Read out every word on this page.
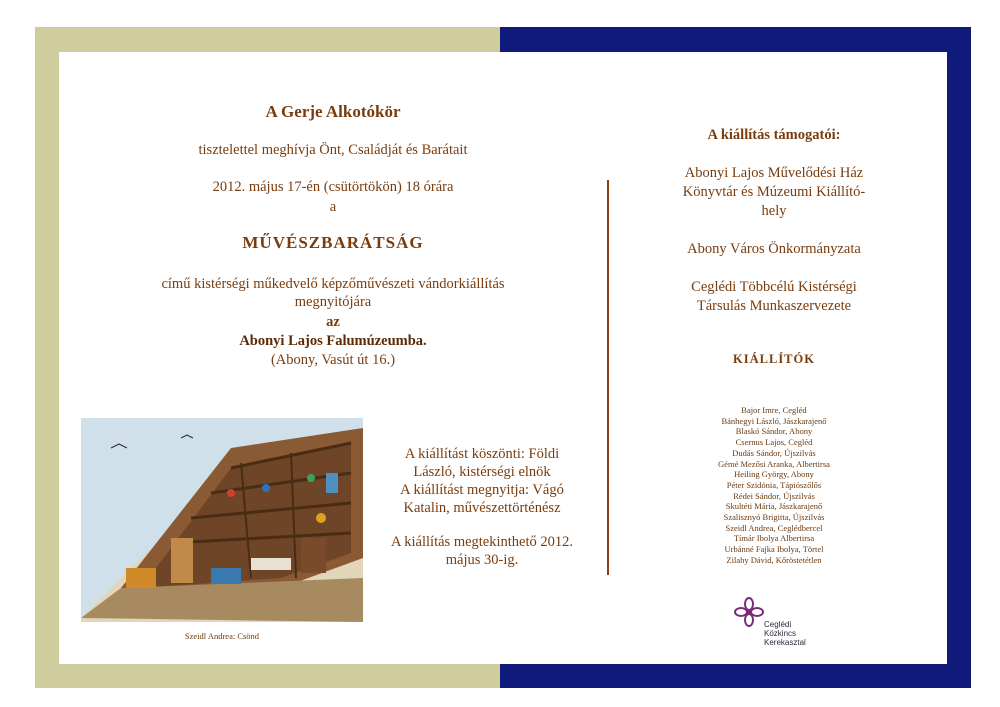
A Gerje Alkotókör
tisztelettel meghívja Önt, Családját és Barátait
2012. május 17-én (csütörtökön) 18 órára
a
MŰVÉSZBARÁTSÁG
című kistérségi műkedvelő képzőművészeti vándorkiállítás
megnyitójára
az
Abonyi Lajos Falumúzeumba.
(Abony, Vasút út 16.)
Szeidl Andrea: Csönd

A kiállítást köszönti: Földi
László, kistérségi elnök
A kiállítást megnyitja: Vágó
Katalin, művészettörténész

A kiállítás megtekinthető 2012.
május 30-ig.

A kiállítás támogatói:
Abonyi Lajos Művelődési Ház
Könyvtár és Múzeumi Kiállító-
hely
Abony Város Önkormányzata
Ceglédi Többcélú Kistérségi
Társulás Munkaszervezete
KIÁLLÍTÓK
Bajor Imre, Cegléd
Bánhegyi László, Jászkarajenő
Blaskó Sándor, Abony
Csernus Lajos, Cegléd
Dudás Sándor, Újszilvás
Gémé Mezősi Aranka, Albertirsa
Heiling György, Abony
Péter Szidónia, Tápiószőlős
Rédei Sándor, Újszilvás
Skultéti Mária, Jászkarajenő
Szalisznyó Brigitta, Újszilvás
Szeidl Andrea, Ceglédbercel
Tímár Ibolya Albertirsa
Urbánné Fajka Ibolya, Törtel
Zilahy Dávid, Kőröstetétlen
Ceglédi
Közkincs
Kerekasztal
